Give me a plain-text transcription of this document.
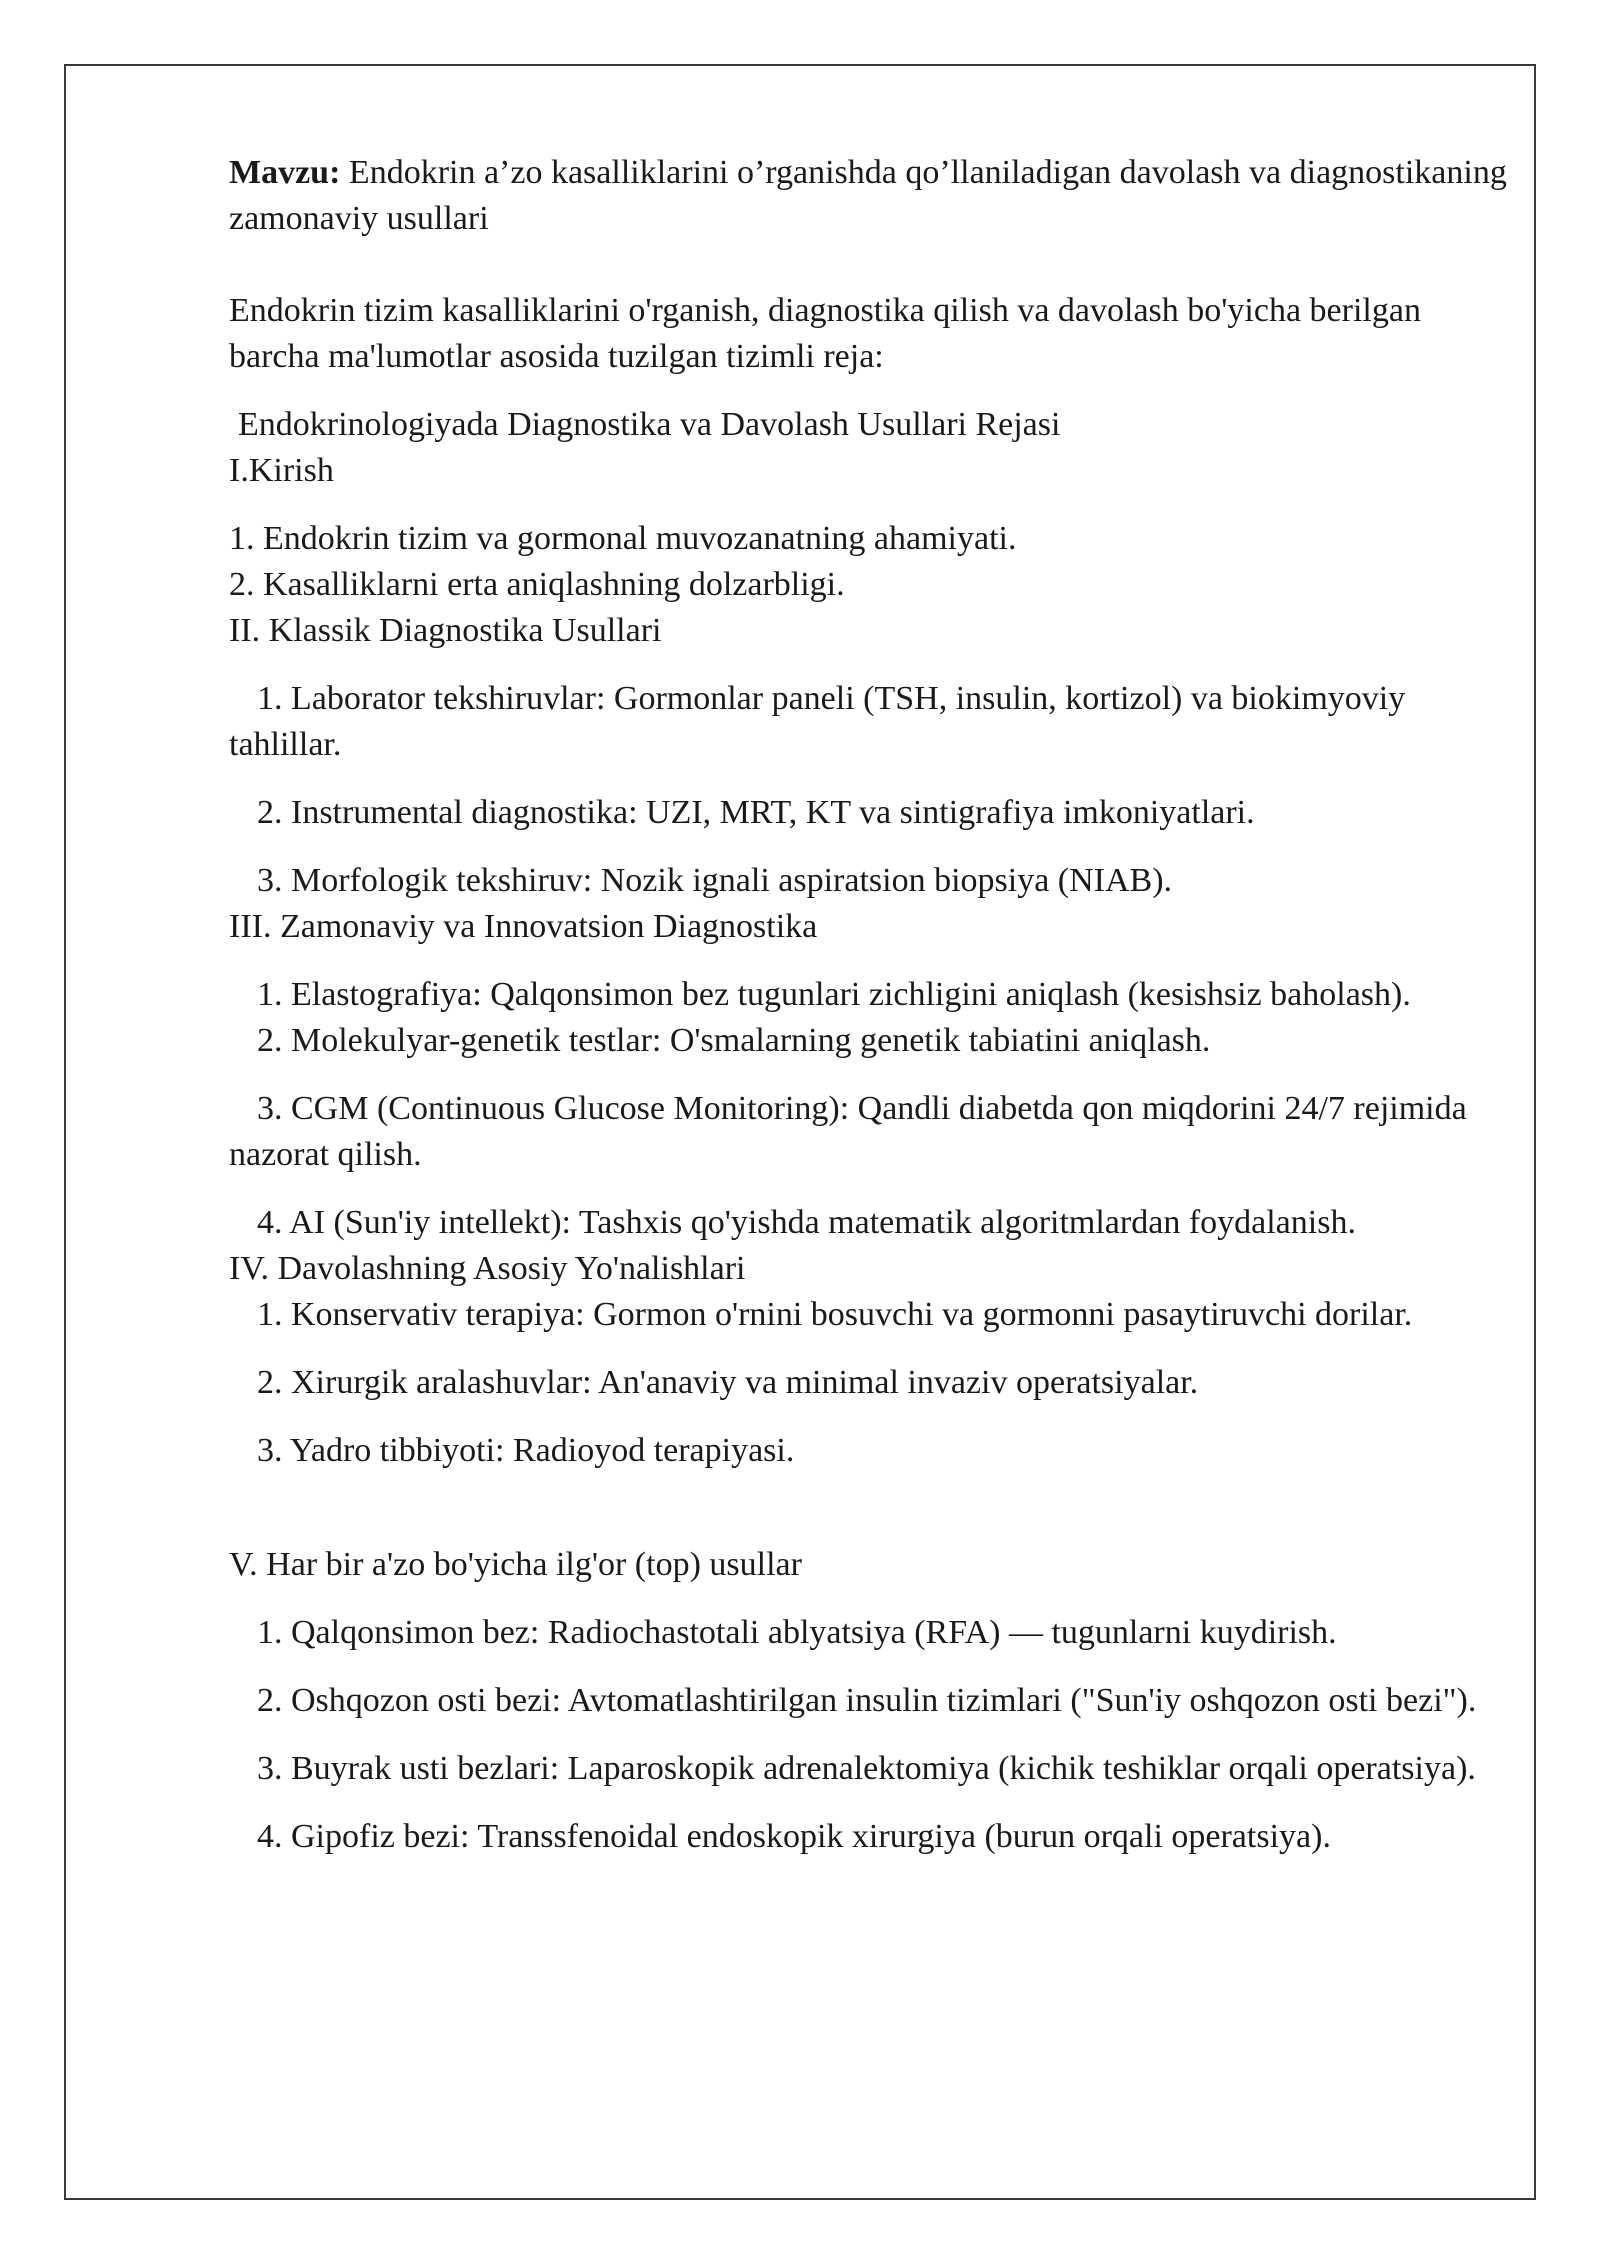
Mavzu: Endokrin a’zo kasalliklarini o’rganishda qo’llaniladigan davolash va diagnostikaning zamonaviy usullari

Endokrin tizim kasalliklarini o'rganish, diagnostika qilish va davolash bo'yicha berilgan barcha ma'lumotlar asosida tuzilgan tizimli reja:

Endokrinologiyada Diagnostika va Davolash Usullari Rejasi

I.Kirish

1. Endokrin tizim va gormonal muvozanatning ahamiyati.

2. Kasalliklarni erta aniqlashning dolzarbligi.

II. Klassik Diagnostika Usullari

1. Laborator tekshiruvlar: Gormonlar paneli (TSH, insulin, kortizol) va biokimyoviy tahlillar.

2. Instrumental diagnostika: UZI, MRT, KT va sintigrafiya imkoniyatlari.

3. Morfologik tekshiruv: Nozik ignali aspiratsion biopsiya (NIAB).

III. Zamonaviy va Innovatsion Diagnostika

1. Elastografiya: Qalqonsimon bez tugunlari zichligini aniqlash (kesishsiz baholash).

2. Molekulyar-genetik testlar: O'smalarning genetik tabiatini aniqlash.

3. CGM (Continuous Glucose Monitoring): Qandli diabetda qon miqdorini 24/7 rejimida nazorat qilish.

4. AI (Sun'iy intellekt): Tashxis qo'yishda matematik algoritmlardan foydalanish.

IV. Davolashning Asosiy Yo'nalishlari

1. Konservativ terapiya: Gormon o'rnini bosuvchi va gormonni pasaytiruvchi dorilar.

2. Xirurgik aralashuvlar: An'anaviy va minimal invaziv operatsiyalar.

3. Yadro tibbiyoti: Radioyod terapiyasi.

V. Har bir a'zo bo'yicha ilg'or (top) usullar

1. Qalqonsimon bez: Radiochastotali ablyatsiya (RFA) — tugunlarni kuydirish.

2. Oshqozon osti bezi: Avtomatlashtirilgan insulin tizimlari ("Sun'iy oshqozon osti bezi").

3. Buyrak usti bezlari: Laparoskopik adrenalektomiya (kichik teshiklar orqali operatsiya).

4. Gipofiz bezi: Transsfenoidal endoskopik xirurgiya (burun orqali operatsiya).
